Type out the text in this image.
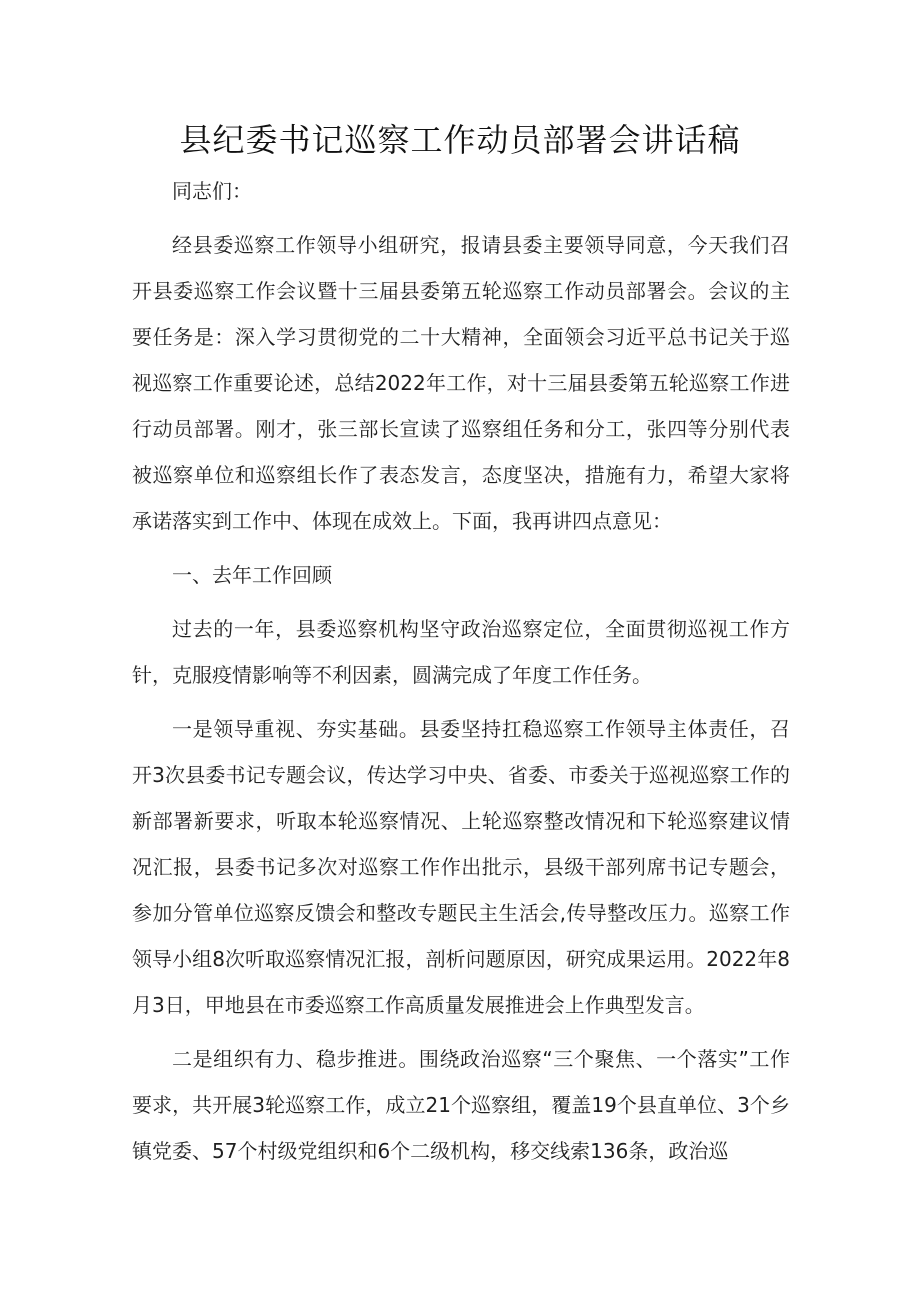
县纪委书记巡察工作动员部署会讲话稿

同志们：

经县委巡察工作领导小组研究，报请县委主要领导同意，今天我们召开县委巡察工作会议暨十三届县委第五轮巡察工作动员部署会。会议的主要任务是：深入学习贯彻党的二十大精神，全面领会习近平总书记关于巡视巡察工作重要论述，总结2022年工作，对十三届县委第五轮巡察工作进行动员部署。刚才，张三部长宣读了巡察组任务和分工，张四等分别代表被巡察单位和巡察组长作了表态发言，态度坚决，措施有力，希望大家将承诺落实到工作中、体现在成效上。下面，我再讲四点意见：

一、去年工作回顾

过去的一年，县委巡察机构坚守政治巡察定位，全面贯彻巡视工作方针，克服疫情影响等不利因素，圆满完成了年度工作任务。

一是领导重视、夯实基础。县委坚持扛稳巡察工作领导主体责任，召开3次县委书记专题会议，传达学习中央、省委、市委关于巡视巡察工作的新部署新要求，听取本轮巡察情况、上轮巡察整改情况和下轮巡察建议情况汇报，县委书记多次对巡察工作作出批示，县级干部列席书记专题会，参加分管单位巡察反馈会和整改专题民主生活会,传导整改压力。巡察工作领导小组8次听取巡察情况汇报，剖析问题原因，研究成果运用。2022年8月3日，甲地县在市委巡察工作高质量发展推进会上作典型发言。

二是组织有力、稳步推进。围绕政治巡察“三个聚焦、一个落实”工作要求，共开展3轮巡察工作，成立21个巡察组，覆盖19个县直单位、3个乡镇党委、57个村级党组织和6个二级机构，移交线索136条，政治巡
